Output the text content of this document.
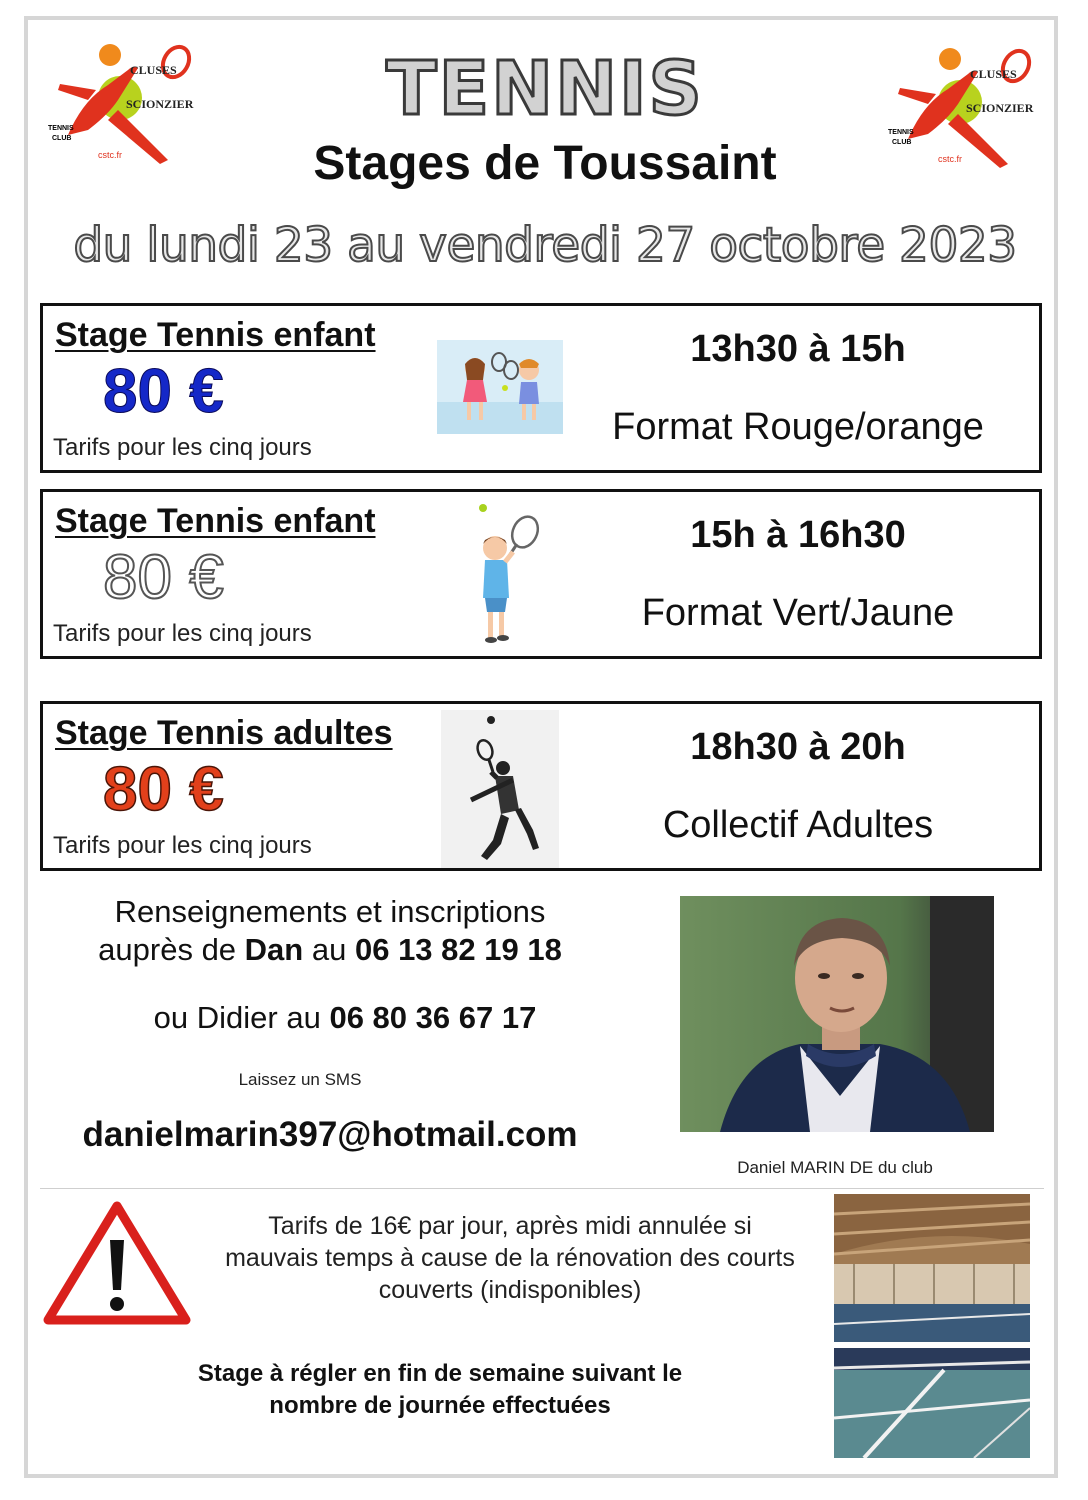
CLUSES
SCIONZIER
TENNIS
CLUB
cstc.fr
CLUSES
SCIONZIER
TENNIS
CLUB
cstc.fr
TENNIS
Stages de Toussaint
du lundi 23 au vendredi 27 octobre 2023
Stage Tennis enfant
80 €
Tarifs pour les cinq jours
13h30 à 15h
Format Rouge/orange
Stage Tennis enfant
80 €
Tarifs pour les cinq jours
15h à 16h30
Format Vert/Jaune
Stage Tennis adultes
80 €
Tarifs pour les cinq jours
18h30 à 20h
Collectif Adultes
Renseignements et inscriptions
auprès de Dan au 06 13 82 19 18
ou Didier au 06 80 36 67 17
Laissez un SMS
danielmarin397@hotmail.com
Daniel MARIN DE du club
Tarifs de 16€ par jour, après midi annulée si mauvais temps à cause de la rénovation des courts couverts (indisponibles)
Stage à régler en fin de semaine suivant le nombre de journée effectuées
